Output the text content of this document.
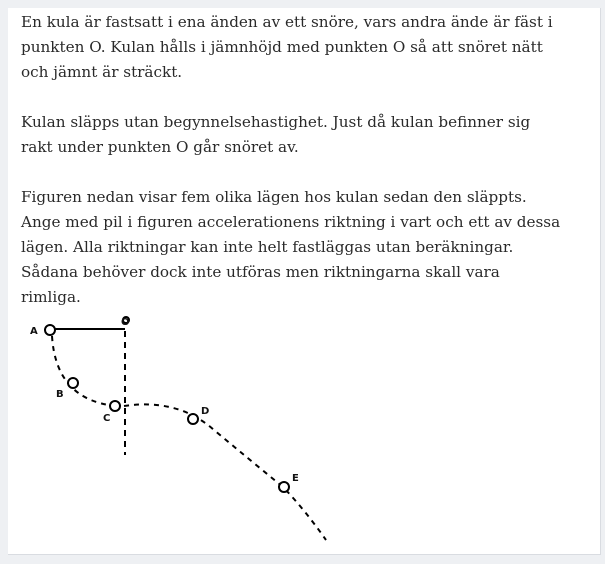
En kula är fastsatt i ena änden av ett snöre, vars andra ände är fäst i punkten O. Kulan hålls i jämnhöjd med punkten O så att snöret nätt och jämnt är sträckt.

Kulan släpps utan begynnelsehastighet. Just då kulan befinner sig rakt under punkten O går snöret av.

Figuren nedan visar fem olika lägen hos kulan sedan den släppts. Ange med pil i figuren accelerationens riktning i vart och ett av dessa lägen. Alla riktningar kan inte helt fastläggas utan beräkningar. Sådana behöver dock inte utföras men riktningarna skall vara rimliga.

A
O
B
C
D
E
